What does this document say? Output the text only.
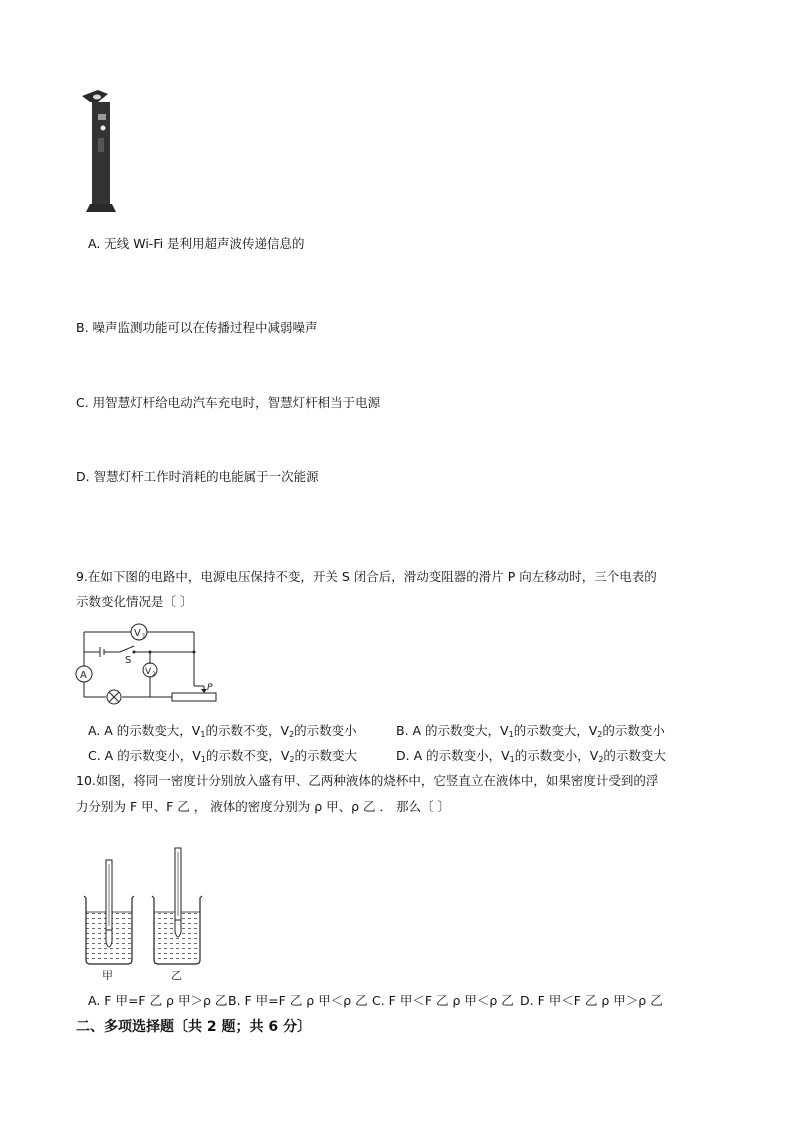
A. 无线 Wi-Fi 是利用超声波传递信息的
B. 噪声监测功能可以在传播过程中减弱噪声
C. 用智慧灯杆给电动汽车充电时，智慧灯杆相当于电源
D. 智慧灯杆工作时消耗的电能属于一次能源
9.在如下图的电路中，电源电压保持不变，开关 S 闭合后，滑动变阻器的滑片 P 向左移动时，三个电表的
示数变化情况是〔 〕
V 1
V 2
A
S
P
A. A 的示数变大，$V_1$的示数不变，$V_2$的示数变小	B. A 的示数变大，$V_1$的示数变大，$V_2$的示数变小
C. A 的示数变小，$V_1$的示数不变，$V_2$的示数变大	D. A 的示数变小，$V_1$的示数变小，$V_2$的示数变大
10.如图，将同一密度计分别放入盛有甲、乙两种液体的烧杯中，它竖直立在液体中，如果密度计受到的浮
力分别为 F 甲、F 乙 ， 液体的密度分别为 ρ 甲、ρ 乙 ． 那么〔 〕
甲	乙
A. F 甲=F 乙 ρ 甲＞ρ 乙 B. F 甲=F 乙 ρ 甲＜ρ 乙 C. F 甲＜F 乙 ρ 甲＜ρ 乙 D. F 甲＜F 乙 ρ 甲＞ρ 乙
二、多项选择题〔共 2 题；共 6 分〕
